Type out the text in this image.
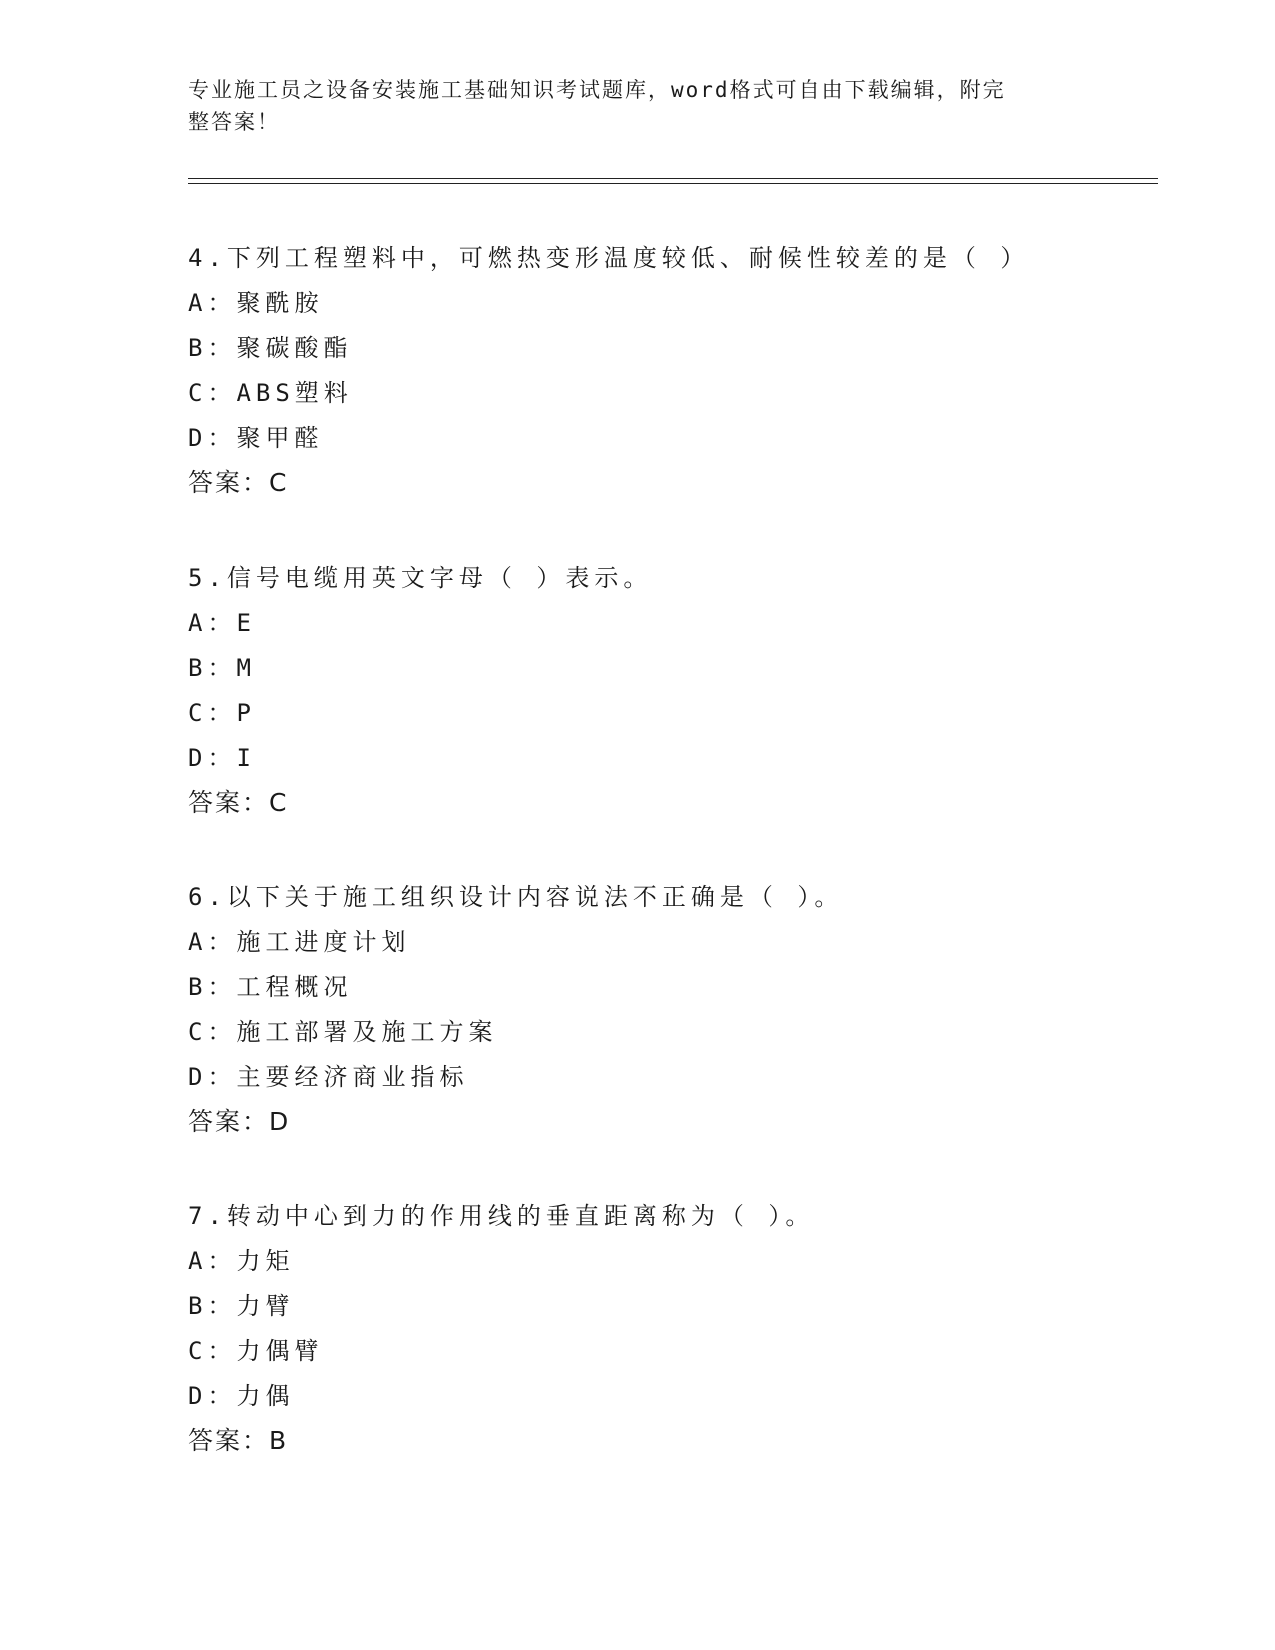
专业施工员之设备安装施工基础知识考试题库，word格式可自由下载编辑，附完
整答案！
4.下列工程塑料中，可燃热变形温度较低、耐候性较差的是（ ）
A：聚酰胺
B：聚碳酸酯
C：ABS塑料
D：聚甲醛
答案：C
5.信号电缆用英文字母（ ）表示。
A：E
B：M
C：P
D：I
答案：C
6.以下关于施工组织设计内容说法不正确是（ ）。
A：施工进度计划
B：工程概况
C：施工部署及施工方案
D：主要经济商业指标
答案：D
7.转动中心到力的作用线的垂直距离称为（ ）。
A：力矩
B：力臂
C：力偶臂
D：力偶
答案：B
